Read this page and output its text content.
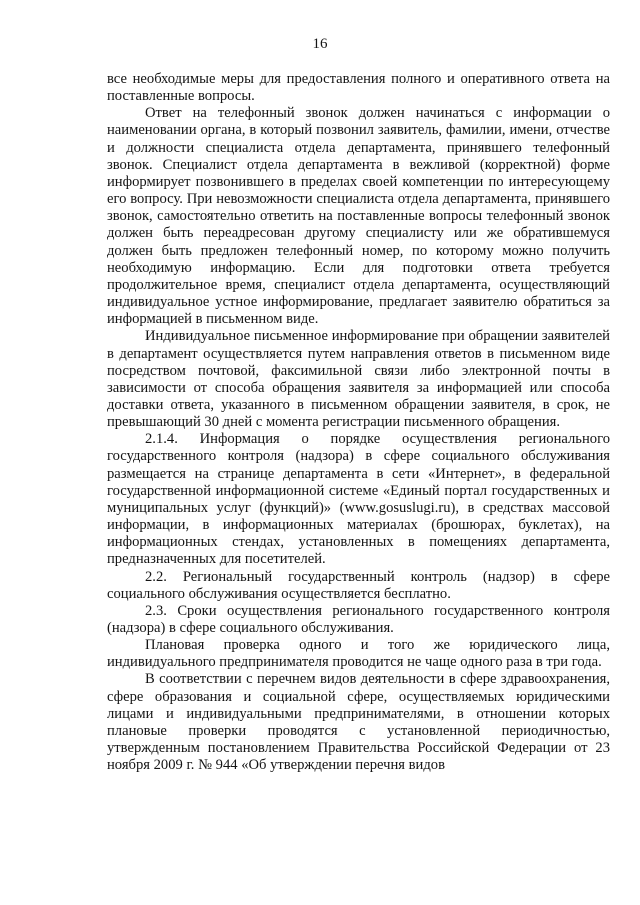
16

все необходимые меры для предоставления полного и оперативного ответа на поставленные вопросы.

Ответ на телефонный звонок должен начинаться с информации о наименовании органа, в который позвонил заявитель, фамилии, имени, отчестве и должности специалиста отдела департамента, принявшего телефонный звонок. Специалист отдела департамента в вежливой (корректной) форме информирует позвонившего в пределах своей компетенции по интересующему его вопросу. При невозможности специалиста отдела департамента, принявшего звонок, самостоятельно ответить на поставленные вопросы телефонный звонок должен быть переадресован другому специалисту или же обратившемуся должен быть предложен телефонный номер, по которому можно получить необходимую информацию. Если для подготовки ответа требуется продолжительное время, специалист отдела департамента, осуществляющий индивидуальное устное информирование, предлагает заявителю обратиться за информацией в письменном виде.

Индивидуальное письменное информирование при обращении заявителей в департамент осуществляется путем направления ответов в письменном виде посредством почтовой, факсимильной связи либо электронной почты в зависимости от способа обращения заявителя за информацией или способа доставки ответа, указанного в письменном обращении заявителя, в срок, не превышающий 30 дней с момента регистрации письменного обращения.

2.1.4. Информация о порядке осуществления регионального государственного контроля (надзора) в сфере социального обслуживания размещается на странице департамента в сети «Интернет», в федеральной государственной информационной системе «Единый портал государственных и муниципальных услуг (функций)» (www.gosuslugi.ru), в средствах массовой информации, в информационных материалах (брошюрах, буклетах), на информационных стендах, установленных в помещениях департамента, предназначенных для посетителей.

2.2. Региональный государственный контроль (надзор) в сфере социального обслуживания осуществляется бесплатно.

2.3. Сроки осуществления регионального государственного контроля (надзора) в сфере социального обслуживания.

Плановая проверка одного и того же юридического лица, индивидуального предпринимателя проводится не чаще одного раза в три года.

В соответствии с перечнем видов деятельности в сфере здравоохранения, сфере образования и социальной сфере, осуществляемых юридическими лицами и индивидуальными предпринимателями, в отношении которых плановые проверки проводятся с установленной периодичностью, утвержденным постановлением Правительства Российской Федерации от 23 ноября 2009 г. № 944 «Об утверждении перечня видов
